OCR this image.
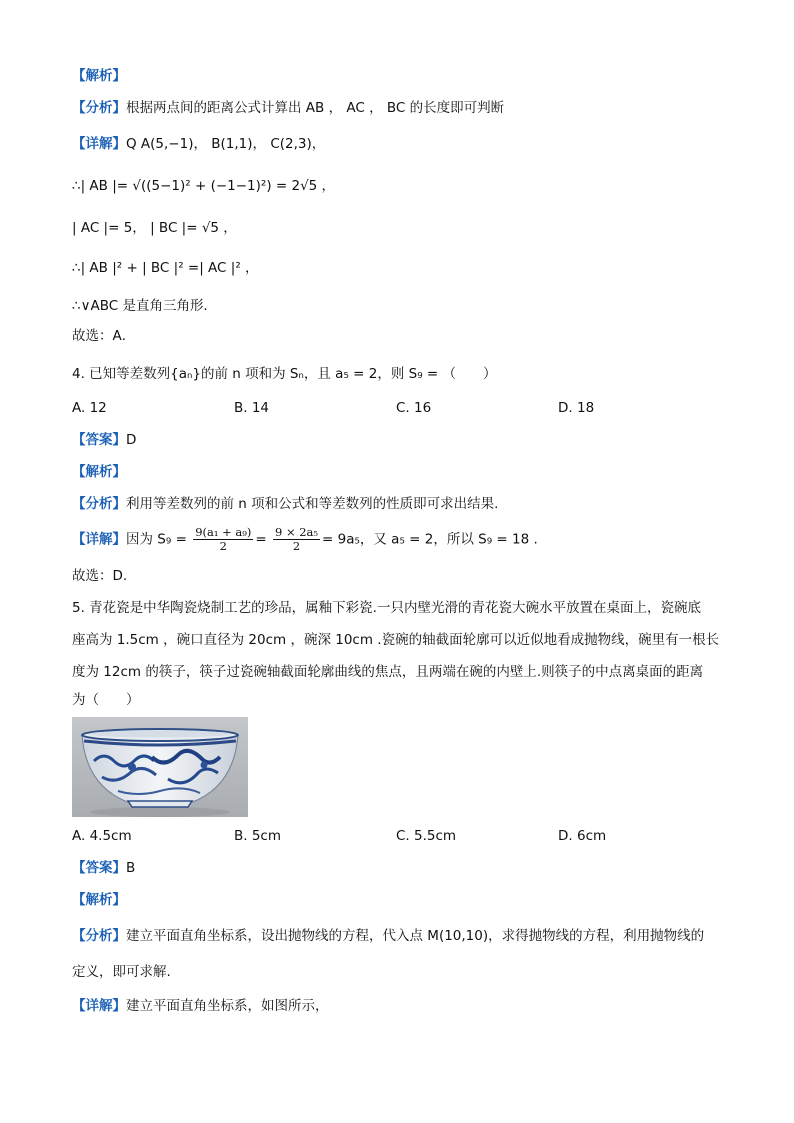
【解析】
【分析】根据两点间的距离公式计算出 AB ， AC ， BC 的长度即可判断
【详解】Q A(5,−1)， B(1,1)， C(2,3)，
∴| AB |= √((5−1)² + (−1−1)²) = 2√5 ，
| AC |= 5， | BC |= √5 ，
∴| AB |² + | BC |² =| AC |² ，
∴∨ABC 是直角三角形．
故选：A．
4. 已知等差数列{aₙ}的前 n 项和为 Sₙ，且 a₅ = 2，则 S₉ = （　　）
A. 12	B. 14	C. 16	D. 18
【答案】D
【解析】
【分析】利用等差数列的前 n 项和公式和等差数列的性质即可求出结果.
【详解】因为 $S_9 = \frac{\text{9(a₁ + a₉)}}{2} = \frac{\text{9 × 2a₅}}{2} = 9a_5$，又 a₅ = 2，所以 S₉ = 18 .
故选：D.
5. 青花瓷是中华陶瓷烧制工艺的珍品，属釉下彩瓷.一只内壁光滑的青花瓷大碗水平放置在桌面上，瓷碗底
座高为 1.5cm ，碗口直径为 20cm ，碗深 10cm .瓷碗的轴截面轮廓可以近似地看成抛物线，碗里有一根长
度为 12cm 的筷子，筷子过瓷碗轴截面轮廓曲线的焦点，且两端在碗的内壁上.则筷子的中点离桌面的距离
为（　　）
A. 4.5cm	B. 5cm	C. 5.5cm	D. 6cm
【答案】B
【解析】
【分析】建立平面直角坐标系，设出抛物线的方程，代入点 M(10,10)，求得抛物线的方程，利用抛物线的
定义，即可求解.
【详解】建立平面直角坐标系，如图所示，
